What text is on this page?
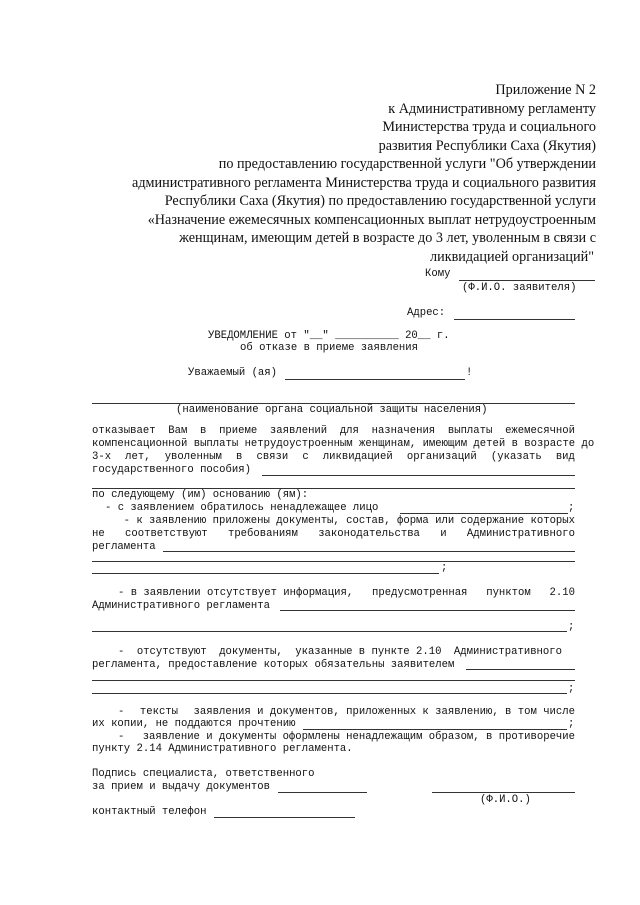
Приложение N 2
к Административному регламенту
Министерства труда и социального
развития Республики Саха (Якутия)
по предоставлению государственной услуги "Об утверждении
административного регламента Министерства труда и социального развития
Республики Саха (Якутия) по предоставлению государственной услуги
«Назначение ежемесячных компенсационных выплат нетрудоустроенным
женщинам, имеющим детей в возрасте до 3 лет, уволенным в связи с
ликвидацией организаций"
Кому
(Ф.И.О. заявителя)
Адрес:
УВЕДОМЛЕНИЕ от "__" __________ 20__ г.
об отказе в приеме заявления
Уважаемый (ая)	!
(наименование органа социальной защиты населения)
отказывает Вам в приеме заявлений для назначения выплаты ежемесячной
компенсационной выплаты нетрудоустроенным женщинам, имеющим детей в возрасте до
3-х лет, уволенным в связи с ликвидацией организаций (указать вид
государственного пособия)
по следующему (им) основанию (ям):
- с заявлением обратилось ненадлежащее лицо	;
- к заявлению приложены документы, состав, форма или содержание которых
не соответствуют требованиям законодательства и Административного
регламента
;
- в заявлении отсутствует информация, предусмотренная пунктом 2.10
Административного регламента
;
- отсутствуют документы, указанные в пункте 2.10 Административного
регламента, предоставление которых обязательны заявителем
;
- тексты заявления и документов, приложенных к заявлению, в том числе
их копии, не поддаются прочтению	;
- заявление и документы оформлены ненадлежащим образом, в противоречие
пункту 2.14 Административного регламента.
Подпись специалиста, ответственного
за прием и выдачу документов
(Ф.И.О.)
контактный телефон
